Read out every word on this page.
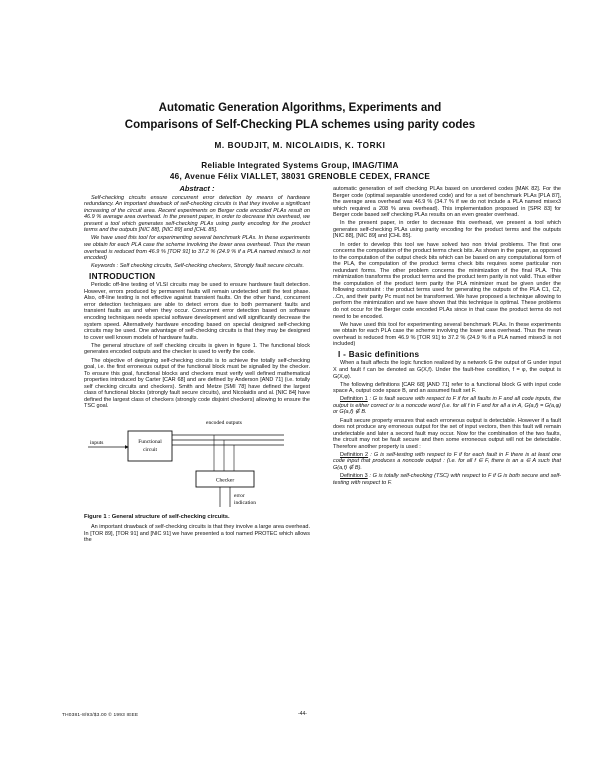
Automatic Generation Algorithms, Experiments and
Comparisons of Self-Checking PLA schemes using parity codes
M. BOUDJIT, M. NICOLAIDIS, K. TORKI
Reliable Integrated Systems Group, IMAG/TIMA
46, Avenue Félix VIALLET, 38031 GRENOBLE CEDEX, FRANCE
Abstract :

Self-checking circuits ensure concurrent error detection by means of hardware redundancy. An important drawback of self-checking circuits is that they involve a significant increasing of the circuit area. Recent experiments on Berger code encoded PLAs result on 46.9 % average area overhead. In the present paper, in order to decrease this overhead, we present a tool which generates self-checking PLAs using parity encoding for the product terms and the outputs [NIC 88], [NIC 89] and [CHL 85].

We have used this tool for experimenting several benchmark PLAs. In these experiments we obtain for each PLA case the scheme involving the lower area overhead. Thus the mean overhead is reduced from 46.9 % [TOR 91] to 37.2 % (24.9 % if a PLA named misex3 is not encoded)

Keywords : Self checking circuits, Self-checking checkers, Strongly fault secure circuits.

INTRODUCTION

Periodic off-line testing of VLSI circuits may be used to ensure hardware fault detection. However, errors produced by permanent faults will remain undetected until the test phase. Also, off-line testing is not effective against transient faults. On the other hand, concurrent error detection techniques are able to detect errors due to both permanent faults and transient faults as and when they occur. Concurrent error detection based on software encoding techniques needs special software development and will significantly decrease the system speed. Alternatively hardware encoding based on special designed self-checking circuits may be used. One advantage of self-checking circuits is that they may be designed to cover well known models of hardware faults.

The general structure of self checking circuits is given in figure 1. The functional block generates encoded outputs and the checker is used to verify the code.

The objective of designing self-checking circuits is to achieve the totally self-checking goal, i.e. the first erroneous output of the functional block must be signalled by the checker. To ensure this goal, functional blocks and checkers must verify well defined mathematical properties introduced by Carter [CAR 68] and are defined by Anderson [AND 71] (i.e. totally self checking circuits and checkers). Smith and Metze [SMI 78] have defined the largest class of functional blocks (strongly fault secure circuits), and Nicolaidis and al. [NIC 84] have defined the largest class of checkers (strongly code disjoint checkers) allowing to ensure the TSC goal.

inputs	Functional
circuit
encoded outputs
Checker
error
indication
Figure 1 : General structure of self-checking circuits.

An important drawback of self-checking circuits is that they involve a large area overhead. In [TOR 89], [TOR 91] and [NIC 91] we have presented a tool named PROTEC which allows the

automatic generation of self checking PLAs based on unordered codes [MAK 82]. For the Berger code (optimal separable unordered code) and for a set of benchmark PLAs [PLA 87], the average area overhead was 46.9 % (34.7 % if we do not include a PLA named misex3 which required a 208 % area overhead). This implementation proposed in [SPR 83] for Berger code based self checking PLAs results on an even greater overhead.

In the present paper, in order to decrease this overhead, we present a tool which generates self-checking PLAs using parity encoding for the product terms and the outputs [NIC 88], [NIC 89] and [CHL 85].

In order to develop this tool we have solved two non trivial problems. The first one concerns the computation of the product terms check bits. As shown in the paper, as opposed to the computation of the output check bits which can be based on any computational form of the PLA, the computation of the product terms check bits requires some particular non redundant forms. The other problem concerns the minimization of the final PLA. This minimization transforms the product terms and the product term parity is not valid. Thus either the computation of the product term parity the PLA minimizer must be given under the following constraint : the product terms used for generating the outputs of the PLA C1, C2, ..Cn, and their parity Pc must not be transformed. We have proposed a technique allowing to perform the minimization and we have shown that this technique is optimal. These problems do not occur for the Berger code encoded PLAs since in that case the product terms do not need to be encoded.

We have used this tool for experimenting several benchmark PLAs. In these experiments we obtain for each PLA case the scheme involving the lower area overhead. Thus the mean overhead is reduced from 46.9 % [TOR 91] to 37.2 % (24.9 % if a PLA named misex3 is not included)

I - Basic definitions

When a fault affects the logic function realized by a network G the output of G under input X and fault f can be denoted as G(X,f). Under the fault-free condition, f = φ, the output is G(X,φ).

The following definitions [CAR 68] [AND 71] refer to a functional block G with input code space A, output code space B, and an assumed fault set F.

Definition 1 : G is fault secure with respect to F if for all faults in F and all code inputs, the output is either correct or is a noncode word (i.e. for all f in F and for all a in A, G(a,f) = G(a,φ) or G(a,f) ∉ B.

Fault secure property ensures that each erroneous output is detectable. However if a fault does not produce any erroneous output for the set of input vectors, then this fault will remain undetectable and later a second fault may occur. Now for the combination of the two faults, the circuit may not be fault secure and then some erroneous output will not be detectable. Therefore another property is used :

Definition 2 : G is self-testing with respect to F if for each fault in F there is at least one code input that produces a noncode output : (i.e. for all f ∈ F, there is an a ∈ A such that G(a,f) ∉ B).

Definition 3 : G is totally self-checking (TSC) with respect to F if G is both secure and self-testing with respect to F.

-44-
TH0381-8/93/$3.00 © 1993 IEEE
